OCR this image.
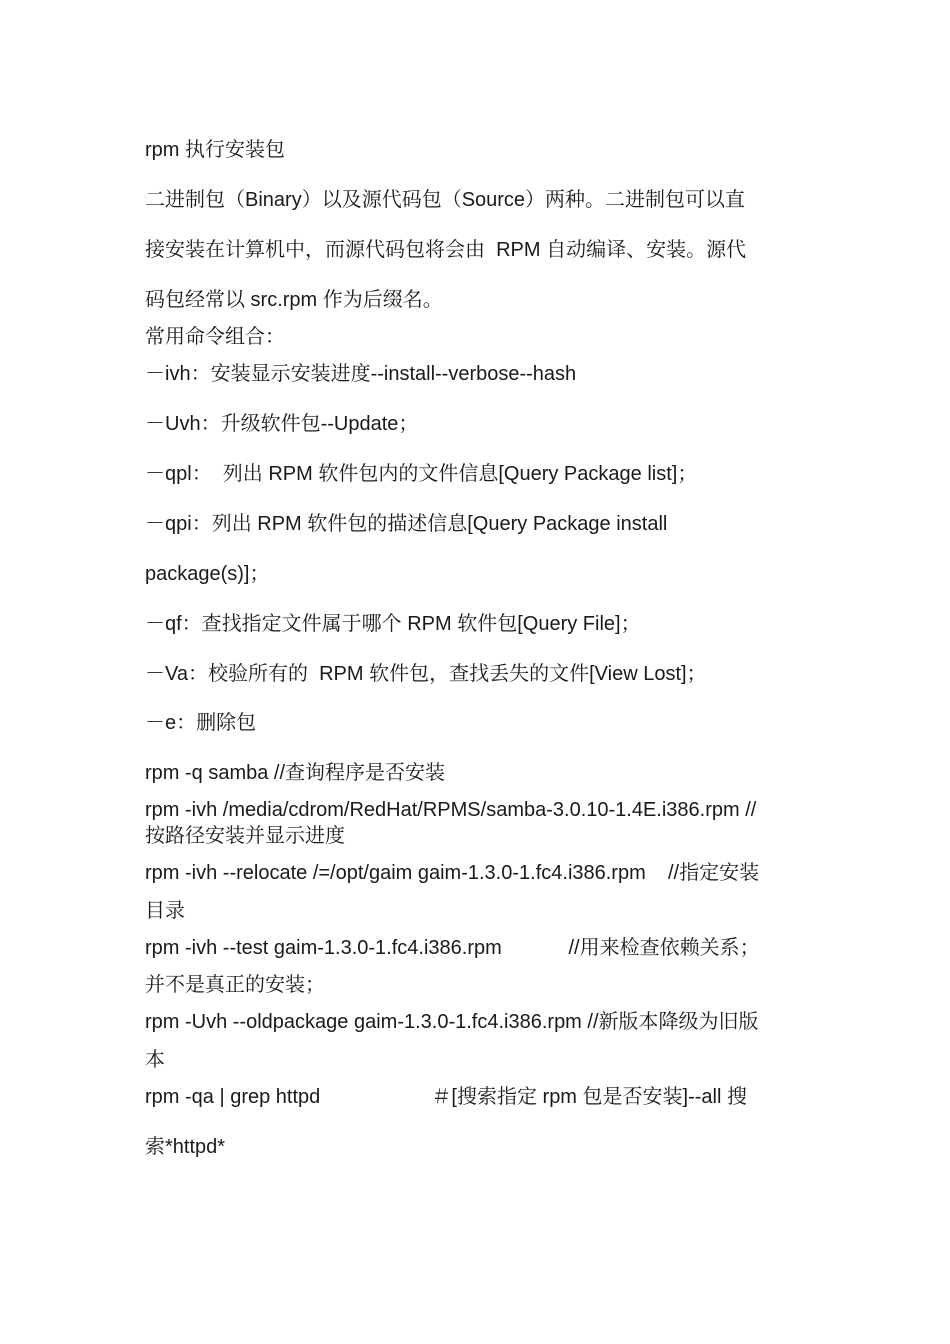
rpm 执行安装包
二进制包（Binary）以及源代码包（Source）两种。二进制包可以直
接安装在计算机中，而源代码包将会由  RPM 自动编译、安装。源代
码包经常以 src.rpm 作为后缀名。
常用命令组合：
－ivh：安装显示安装进度--install--verbose--hash
－Uvh：升级软件包--Update；
－qpl：  列出 RPM 软件包内的文件信息[Query Package list]；
－qpi：列出 RPM 软件包的描述信息[Query Package install
package(s)]；
－qf：查找指定文件属于哪个 RPM 软件包[Query File]；
－Va：校验所有的  RPM 软件包，查找丢失的文件[View Lost]；
－e：删除包
rpm -q samba //查询程序是否安装
rpm -ivh /media/cdrom/RedHat/RPMS/samba-3.0.10-1.4E.i386.rpm //
按路径安装并显示进度
rpm -ivh --relocate /=/opt/gaim gaim-1.3.0-1.fc4.i386.rpm    //指定安装
目录
rpm -ivh --test gaim-1.3.0-1.fc4.i386.rpm            //用来检查依赖关系；
并不是真正的安装；
rpm -Uvh --oldpackage gaim-1.3.0-1.fc4.i386.rpm //新版本降级为旧版
本
rpm -qa | grep httpd                    ＃[搜索指定 rpm 包是否安装]--all 搜
索*httpd*
